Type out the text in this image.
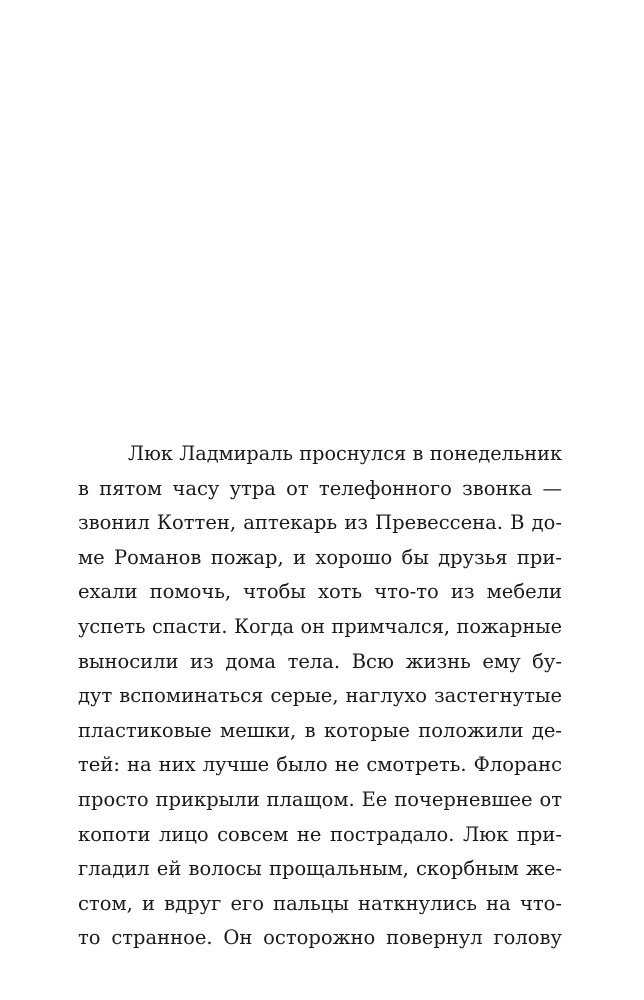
Люк Ладмираль проснулся в понедельник
в пятом часу утра от телефонного звонка —
звонил Коттен, аптекарь из Превессена. В до-
ме Романов пожар, и хорошо бы друзья при-
ехали помочь, чтобы хоть что-то из мебели
успеть спасти. Когда он примчался, пожарные
выносили из дома тела. Всю жизнь ему бу-
дут вспоминаться серые, наглухо застегнутые
пластиковые мешки, в которые положили де-
тей: на них лучше было не смотреть. Флоранс
просто прикрыли плащом. Ее почерневшее от
копоти лицо совсем не пострадало. Люк при-
гладил ей волосы прощальным, скорбным же-
стом, и вдруг его пальцы наткнулись на что-
то странное. Он осторожно повернул голову
